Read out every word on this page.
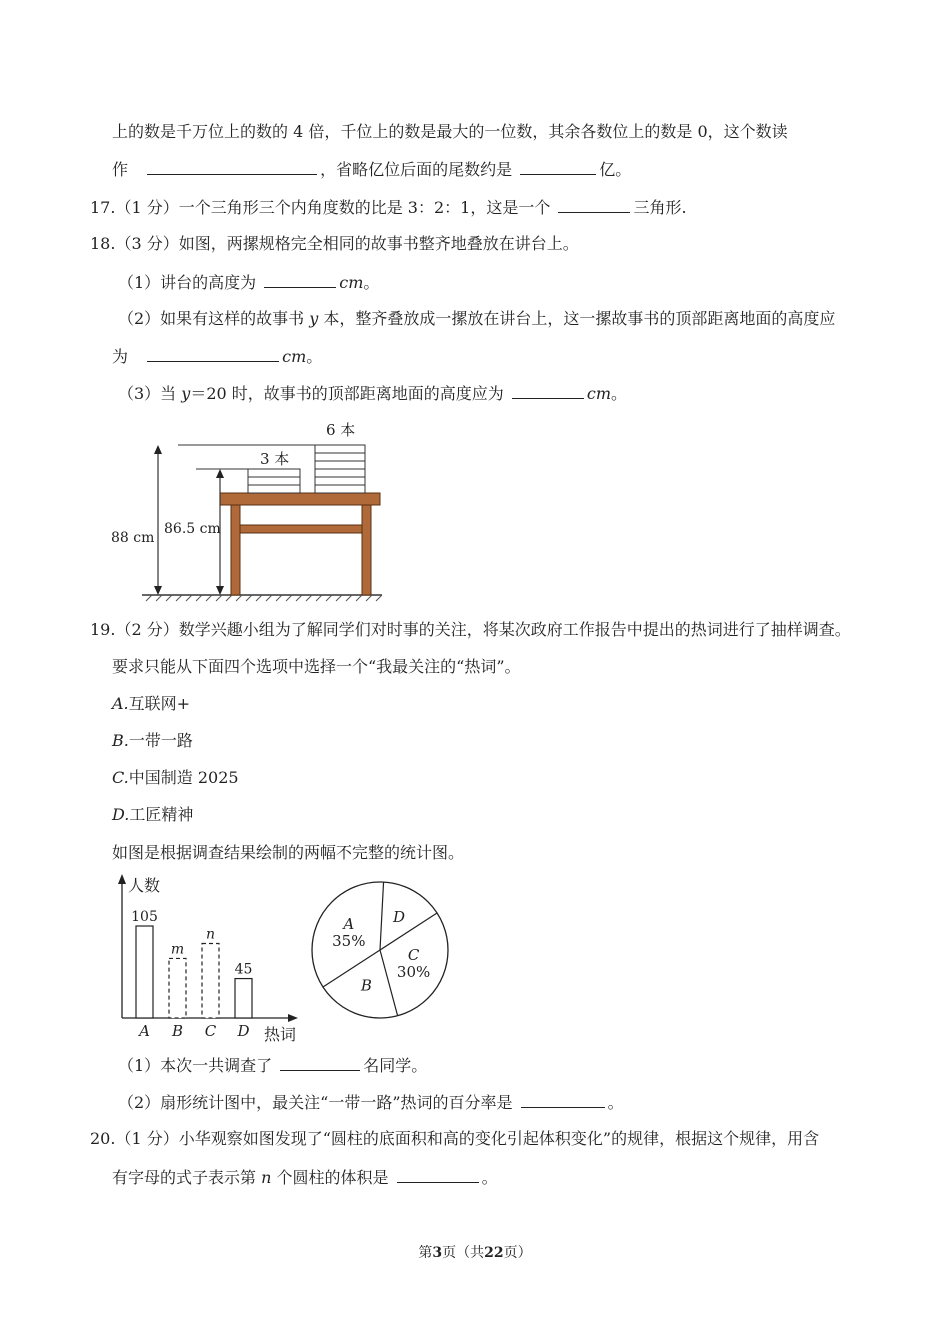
上的数是千万位上的数的 4 倍，千位上的数是最大的一位数，其余各数位上的数是 0，这个数读
作	，省略亿位后面的尾数约是	亿。
17.（1 分）一个三角形三个内角度数的比是 3：2：1，这是一个	三角形.
18.（3 分）如图，两摞规格完全相同的故事书整齐地叠放在讲台上。
（1）讲台的高度为	cm。
（2）如果有这样的故事书 y 本，整齐叠放成一摞放在讲台上，这一摞故事书的顶部距离地面的高度应
为	cm。
（3）当 y＝20 时，故事书的顶部距离地面的高度应为	cm。
6 本
3 本
88 cm
86.5 cm
19.（2 分）数学兴趣小组为了解同学们对时事的关注，将某次政府工作报告中提出的热词进行了抽样调查。
要求只能从下面四个选项中选择一个“我最关注的“热词”。
A.互联网+
B.一带一路
C.中国制造 2025
D.工匠精神
如图是根据调查结果绘制的两幅不完整的统计图。
人数
热词
105
A
m
B
n
C
45
D
D
C
30%
B
A
35%
（1）本次一共调查了	名同学。
（2）扇形统计图中，最关注“一带一路”热词的百分率是	。
20.（1 分）小华观察如图发现了“圆柱的底面积和高的变化引起体积变化”的规律，根据这个规律，用含
有字母的式子表示第 n 个圆柱的体积是	。
第3页（共22页）
